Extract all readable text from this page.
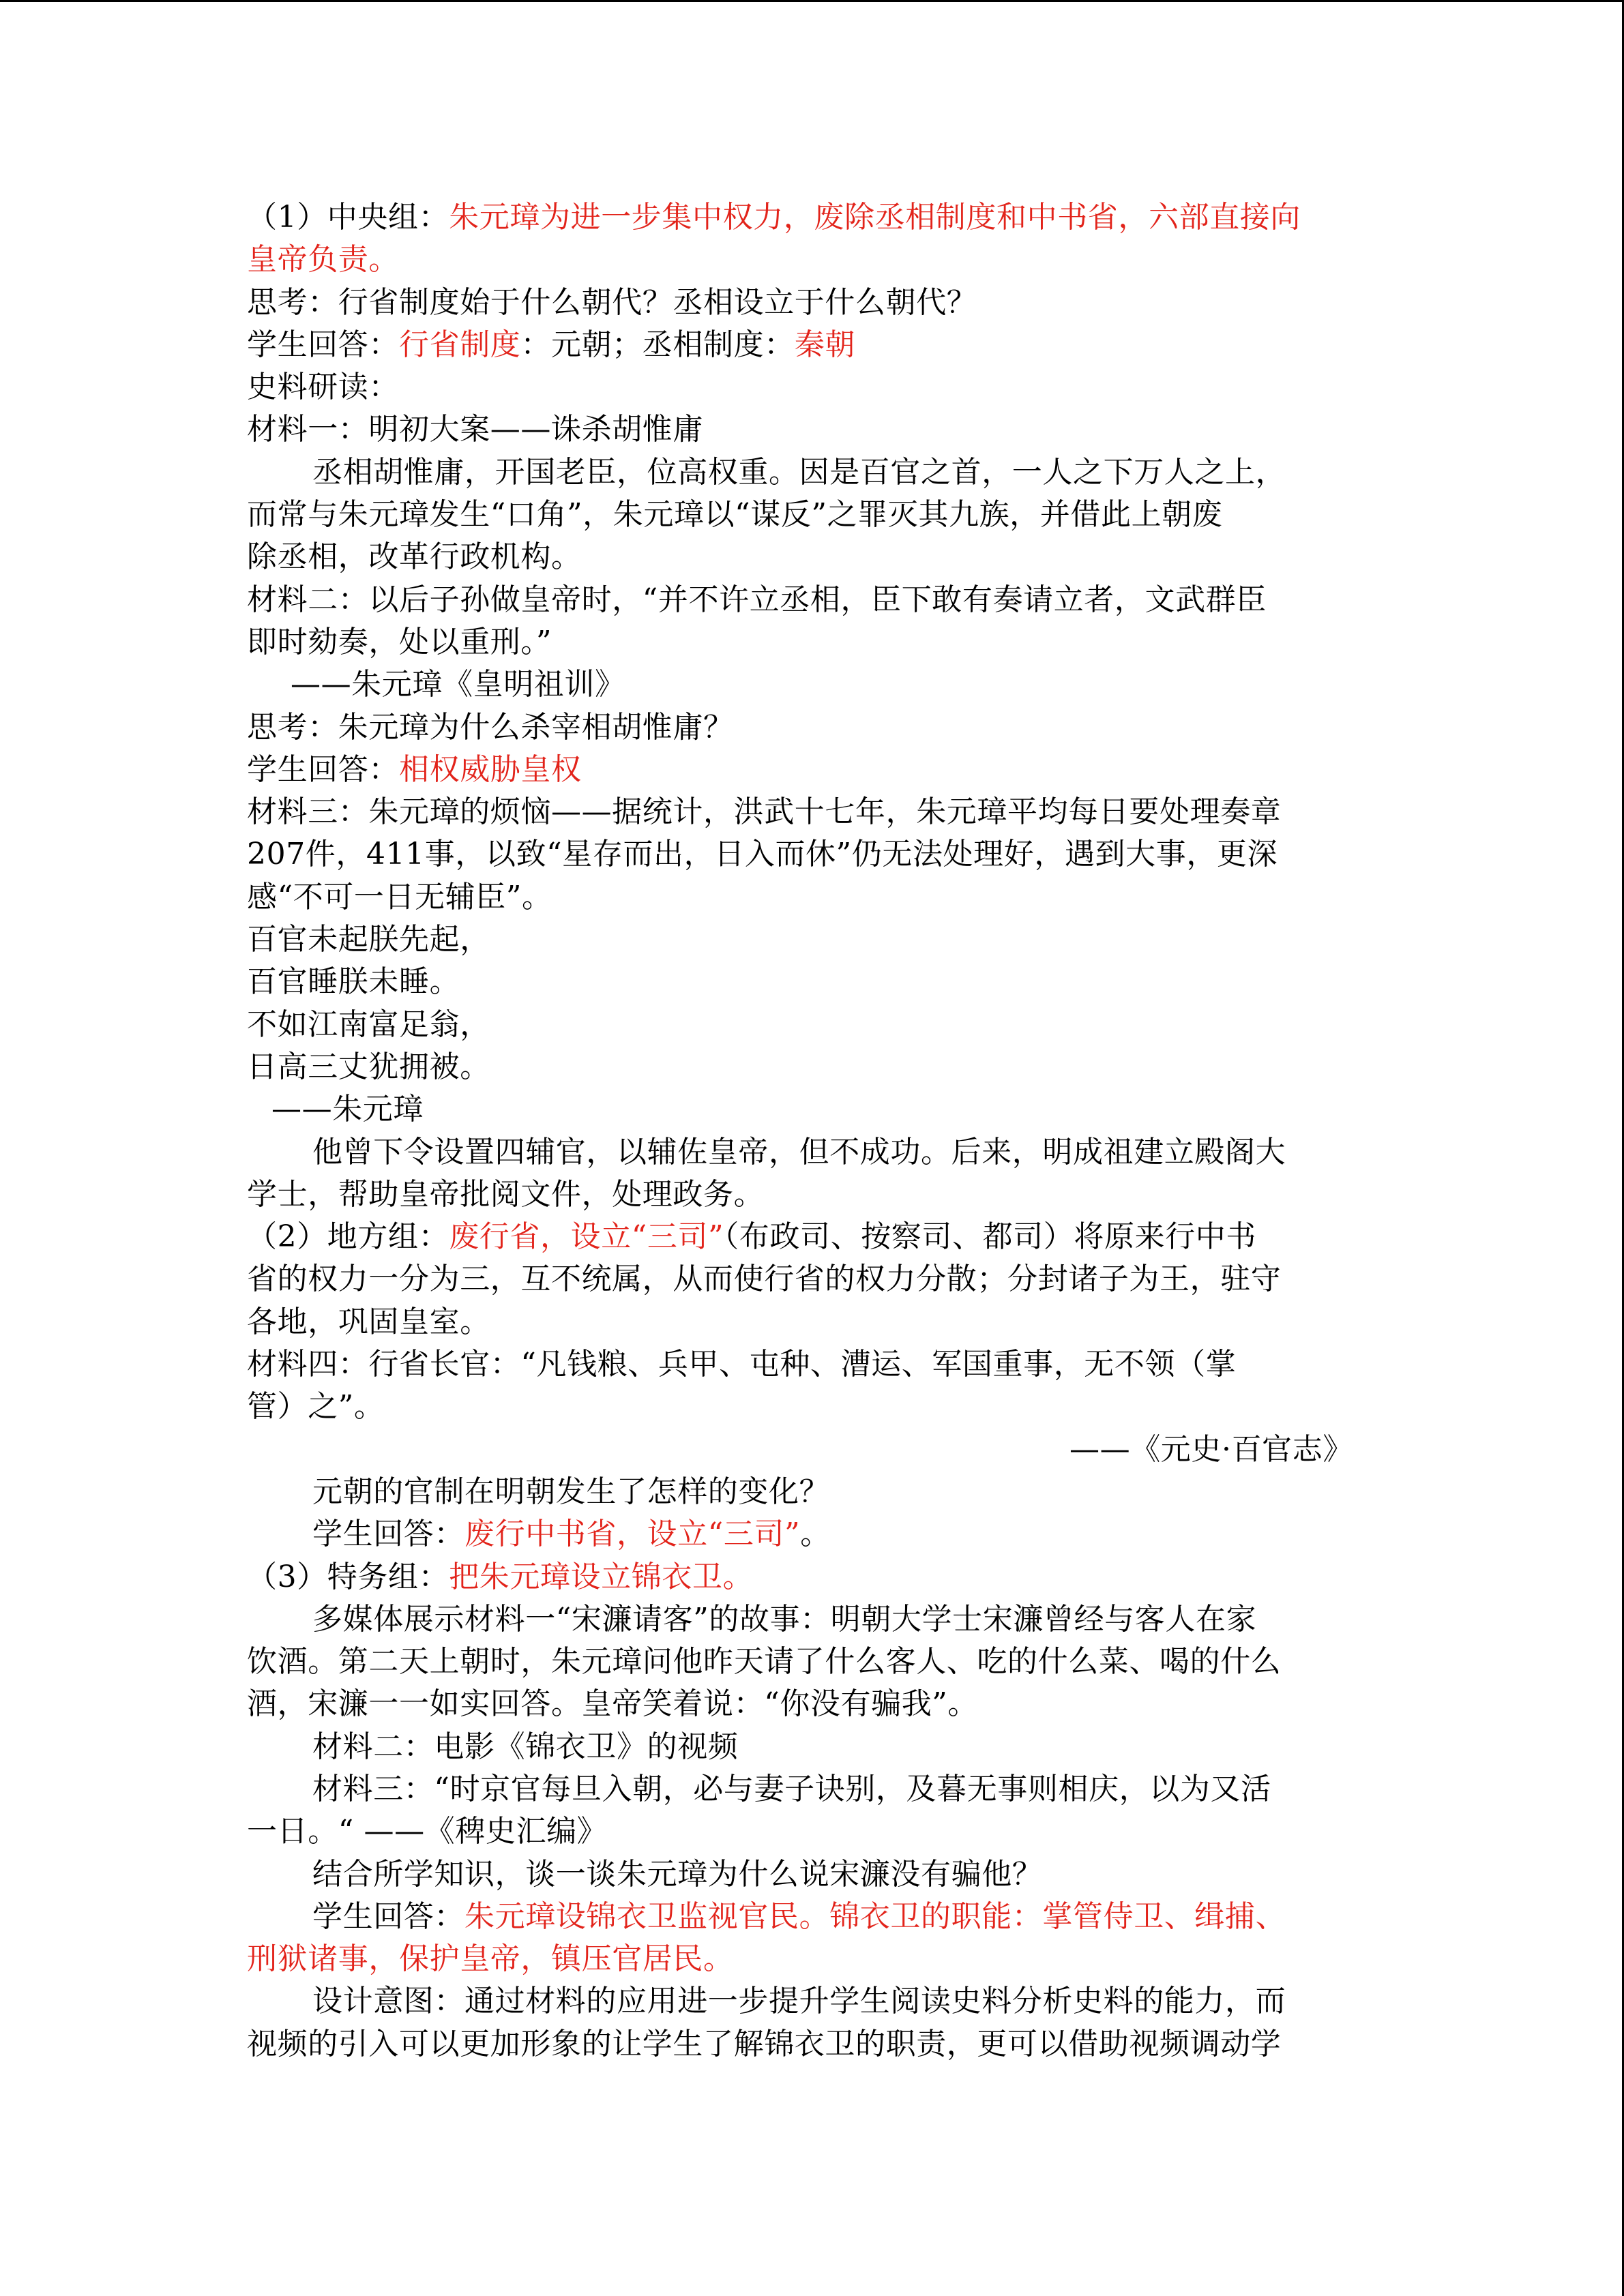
（1）中央组：朱元璋为进一步集中权力，废除丞相制度和中书省，六部直接向
皇帝负责。
思考：行省制度始于什么朝代？丞相设立于什么朝代？
学生回答：行省制度：元朝；丞相制度：秦朝
史料研读：
材料一：明初大案——诛杀胡惟庸
丞相胡惟庸，开国老臣，位高权重。因是百官之首，一人之下万人之上，
而常与朱元璋发生“口角”，朱元璋以“谋反”之罪灭其九族，并借此上朝废
除丞相，改革行政机构。
材料二：以后子孙做皇帝时，“并不许立丞相，臣下敢有奏请立者，文武群臣
即时劾奏，处以重刑。”
——朱元璋《皇明祖训》
思考：朱元璋为什么杀宰相胡惟庸？
学生回答：相权威胁皇权
材料三：朱元璋的烦恼——据统计，洪武十七年，朱元璋平均每日要处理奏章
207件，411事，以致“星存而出，日入而休”仍无法处理好，遇到大事，更深
感“不可一日无辅臣”。
百官未起朕先起，
百官睡朕未睡。
不如江南富足翁，
日高三丈犹拥被。
——朱元璋
他曾下令设置四辅官，以辅佐皇帝，但不成功。后来，明成祖建立殿阁大
学士，帮助皇帝批阅文件，处理政务。
（2）地方组：废行省，设立“三司”（布政司、按察司、都司）将原来行中书
省的权力一分为三，互不统属，从而使行省的权力分散；分封诸子为王，驻守
各地，巩固皇室。
材料四：行省长官：“凡钱粮、兵甲、屯种、漕运、军国重事，无不领（掌
管）之”。
——《元史·百官志》
元朝的官制在明朝发生了怎样的变化？
学生回答：废行中书省，设立“三司”。
（3）特务组：把朱元璋设立锦衣卫。
多媒体展示材料一“宋濂请客”的故事：明朝大学士宋濂曾经与客人在家
饮酒。第二天上朝时，朱元璋问他昨天请了什么客人、吃的什么菜、喝的什么
酒，宋濂一一如实回答。皇帝笑着说：“你没有骗我”。
材料二：电影《锦衣卫》的视频
材料三：“时京官每旦入朝，必与妻子诀别，及暮无事则相庆，以为又活
一日。“ ——《稗史汇编》
结合所学知识，谈一谈朱元璋为什么说宋濂没有骗他？
学生回答：朱元璋设锦衣卫监视官民。锦衣卫的职能：掌管侍卫、缉捕、
刑狱诸事，保护皇帝，镇压官居民。
设计意图：通过材料的应用进一步提升学生阅读史料分析史料的能力，而
视频的引入可以更加形象的让学生了解锦衣卫的职责，更可以借助视频调动学
